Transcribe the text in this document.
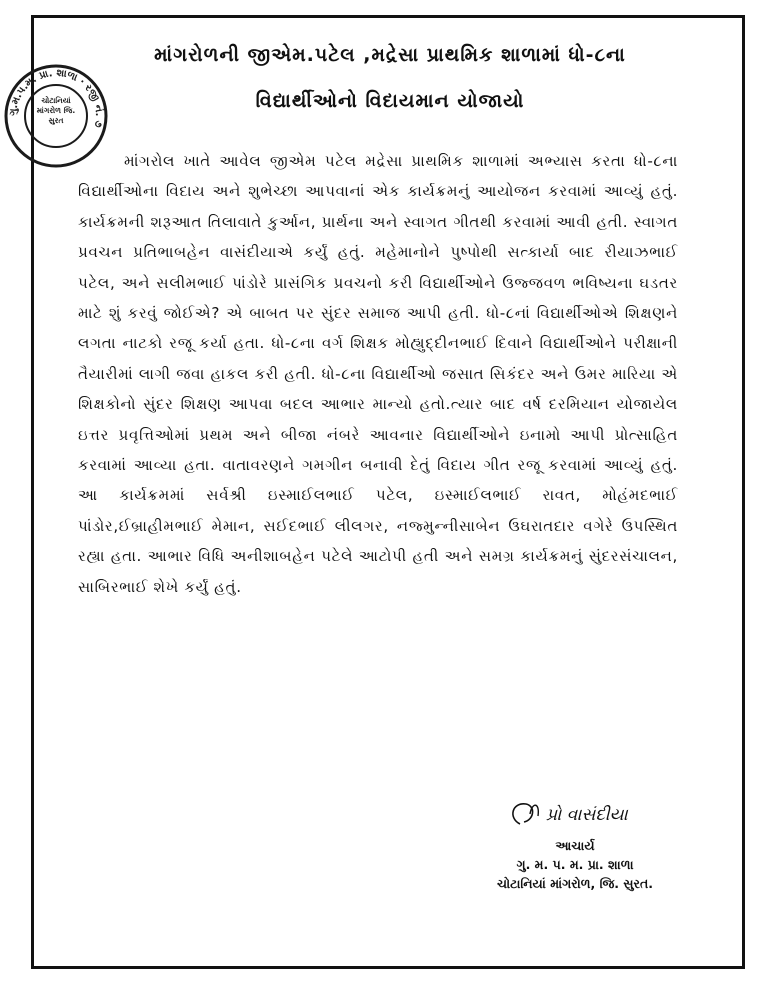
ગુ.મ.પ.મ. પ્રા. શાળા · રજી નં. ૭
ચોટાનિયાં માંગરોળ જિ. સુરત
માંગરોળની જીએમ.પટેલ ,મદ્રેસા પ્રાથમિક શાળામાં ધો-૮ના
વિદ્યાર્થીઓનો વિદાયમાન યોજાયો
માંગરોલ ખાતે આવેલ જીએમ પટેલ મદ્રેસા પ્રાથમિક શાળામાં અભ્યાસ કરતા ધો-૮ના વિદ્યાર્થીઓના વિદાય અને શુભેચ્છા આપવાનાં એક કાર્યક્રમનું આયોજન કરવામાં આવ્યું હતું. કાર્યક્રમની શરૂઆત તિલાવાતે કુર્આન, પ્રાર્થના અને સ્વાગત ગીતથી કરવામાં આવી હતી. સ્વાગત પ્રવચન પ્રતિભાબહેન વાસંદીયાએ કર્યું હતું. મહેમાનોને પુષ્પોથી સત્કાર્યા બાદ રીયાઝભાઈ પટેલ, અને સલીમભાઈ પાંડોરે પ્રાસંગિક પ્રવચનો કરી વિદ્યાર્થીઓને ઉજ્જવળ ભવિષ્યના ઘડતર માટે શું કરવું જોઈએ? એ બાબત પર સુંદર સમાજ આપી હતી. ધો-૮નાં વિદ્યાર્થીઓએ શિક્ષણને લગતા નાટકો રજૂ કર્યા હતા. ધો-૮ના વર્ગ શિક્ષક મોહ્યુદ્દીનભાઈ દિવાને વિદ્યાર્થીઓને પરીક્ષાની તૈયારીમાં લાગી જવા હાકલ કરી હતી. ધો-૮ના વિદ્યાર્થીઓ જસાત સિકંદર અને ઉમર મારિયા એ શિક્ષકોનો સુંદર શિક્ષણ આપવા બદલ આભાર માન્યો હતો.ત્યાર બાદ વર્ષ દરમિયાન યોજાયેલ ઇત્તર પ્રવૃત્તિઓમાં પ્રથમ અને બીજા નંબરે આવનાર વિદ્યાર્થીઓને ઇનામો આપી પ્રોત્સાહિત કરવામાં આવ્યા હતા. વાતાવરણને ગમગીન બનાવી દેતું વિદાય ગીત રજૂ કરવામાં આવ્યું હતું. આ કાર્યક્રમમાં સર્વશ્રી ઇસ્માઈલભાઈ પટેલ, ઇસ્માઈલભાઈ રાવત, મોહંમદભાઈ પાંડોર,ઈબ્રાહીમભાઈ મેમાન, સઈદભાઈ લીલગર, નજ્મુન્નીસાબેન ઉઘરાતદાર વગેરે ઉપસ્થિત રહ્યા હતા. આભાર વિધિ અનીશાબહેન પટેલે આટોપી હતી અને સમગ્ર કાર્યક્રમનું સુંદરસંચાલન, સાબિરભાઈ શેખે કર્યું હતું.
પ્રો વાસંદીયા
આચાર્ય
ગુ. મ. પ. મ. પ્રા. શાળા
ચોટાનિયાં માંગરોળ, જિ. સુરત.
